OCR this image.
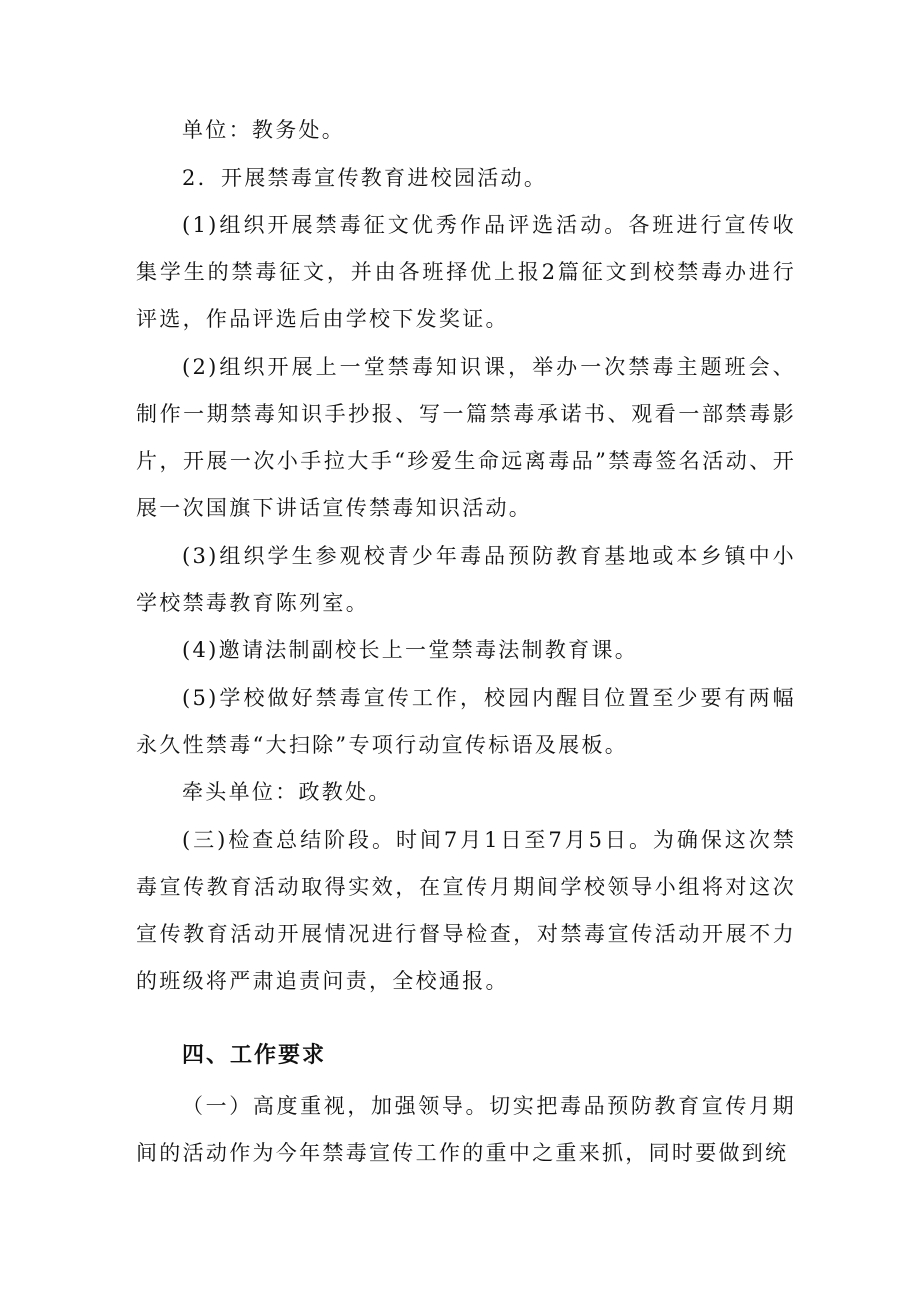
单位：教务处。

2．开展禁毒宣传教育进校园活动。

(1)组织开展禁毒征文优秀作品评选活动。各班进行宣传收集学生的禁毒征文，并由各班择优上报2篇征文到校禁毒办进行评选，作品评选后由学校下发奖证。

(2)组织开展上一堂禁毒知识课，举办一次禁毒主题班会、制作一期禁毒知识手抄报、写一篇禁毒承诺书、观看一部禁毒影片，开展一次小手拉大手“珍爱生命远离毒品”禁毒签名活动、开展一次国旗下讲话宣传禁毒知识活动。

(3)组织学生参观校青少年毒品预防教育基地或本乡镇中小学校禁毒教育陈列室。

(4)邀请法制副校长上一堂禁毒法制教育课。

(5)学校做好禁毒宣传工作，校园内醒目位置至少要有两幅永久性禁毒“大扫除”专项行动宣传标语及展板。

牵头单位：政教处。

(三)检查总结阶段。时间7月1日至7月5日。为确保这次禁毒宣传教育活动取得实效，在宣传月期间学校领导小组将对这次宣传教育活动开展情况进行督导检查，对禁毒宣传活动开展不力的班级将严肃追责问责，全校通报。

四、工作要求

（一）高度重视，加强领导。切实把毒品预防教育宣传月期间的活动作为今年禁毒宣传工作的重中之重来抓，同时要做到统
